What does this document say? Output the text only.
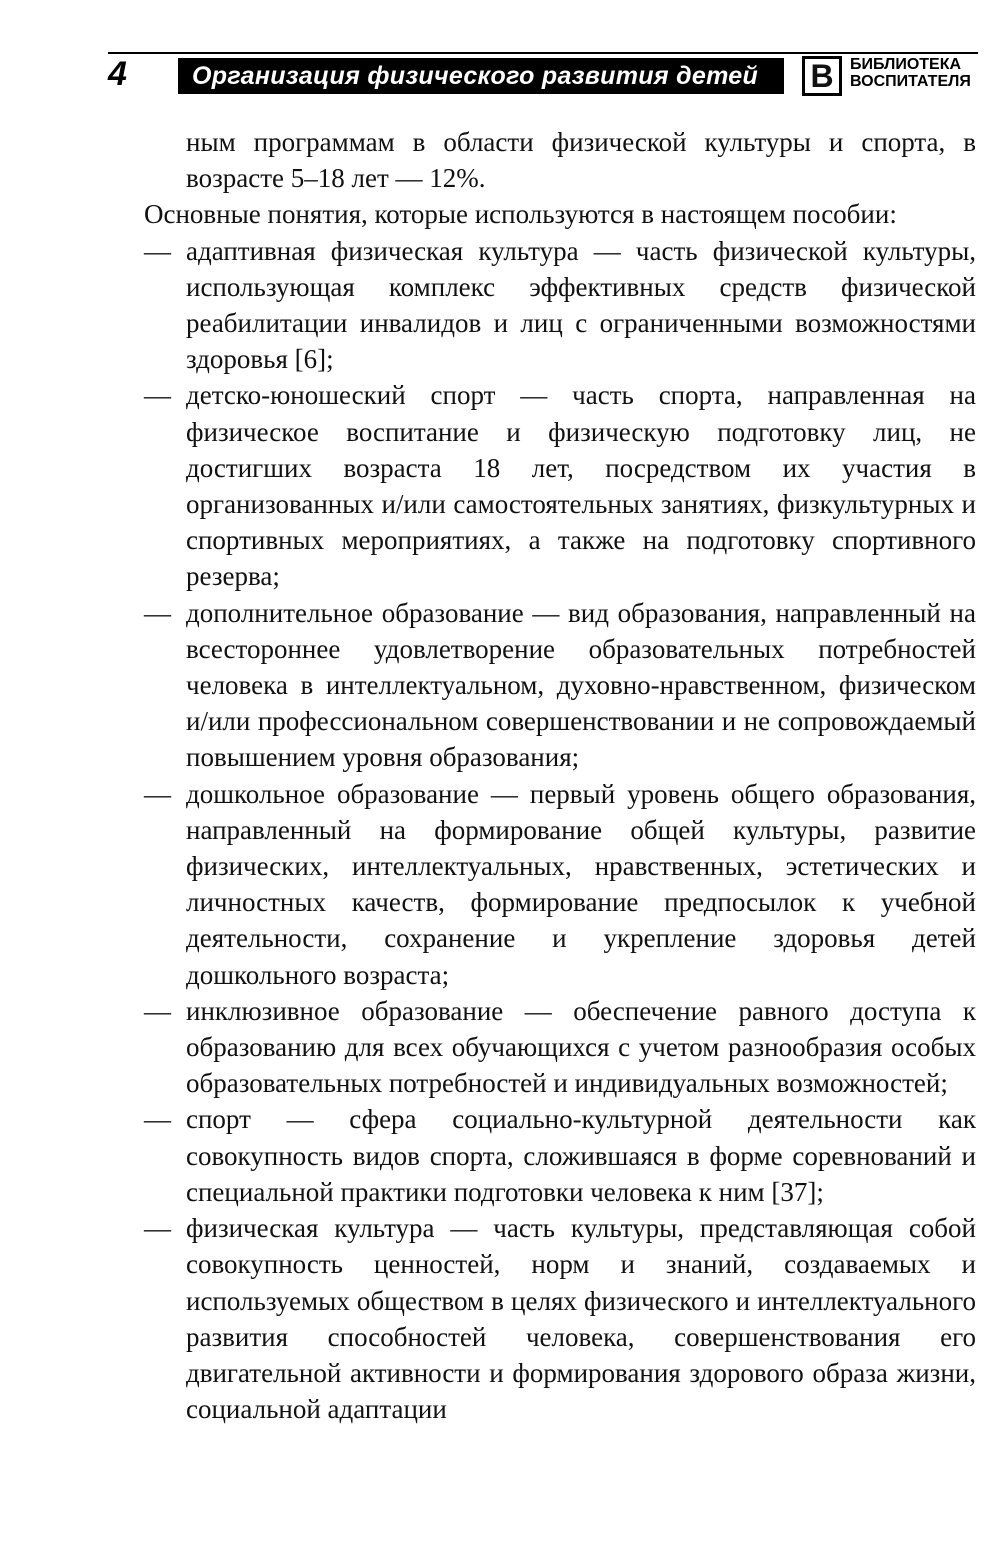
4	Организация физического развития детей В	БИБЛИОТЕКА
ВОСПИТАТЕЛЯ

ным программам в области физической культуры и спорта, в возрасте 5–18 лет — 12%.

Основные понятия, которые используются в настоящем пособии:

— адаптивная физическая культура — часть физической культуры, использующая комплекс эффективных средств физической реабилитации инвалидов и лиц с ограниченными возможностями здоровья [6];

— детско-юношеский спорт — часть спорта, направленная на физическое воспитание и физическую подготовку лиц, не достигших возраста 18 лет, посредством их участия в организованных и/или самостоятельных занятиях, физкультурных и спортивных мероприятиях, а также на подготовку спортивного резерва;

— дополнительное образование — вид образования, направленный на всестороннее удовлетворение образовательных потребностей человека в интеллектуальном, духовно-нравственном, физическом и/или профессиональном совершенствовании и не сопровождаемый повышением уровня образования;

— дошкольное образование — первый уровень общего образования, направленный на формирование общей культуры, развитие физических, интеллектуальных, нравственных, эстетических и личностных качеств, формирование предпосылок к учебной деятельности, сохранение и укрепление здоровья детей дошкольного возраста;

— инклюзивное образование — обеспечение равного доступа к образованию для всех обучающихся с учетом разнообразия особых образовательных потребностей и индивидуальных возможностей;

— спорт — сфера социально-культурной деятельности как совокупность видов спорта, сложившаяся в форме соревнований и специальной практики подготовки человека к ним [37];

— физическая культура — часть культуры, представляющая собой совокупность ценностей, норм и знаний, создаваемых и используемых обществом в целях физического и интеллектуального развития способностей человека, совершенствования его двигательной активности и формирования здорового образа жизни, социальной адаптации
